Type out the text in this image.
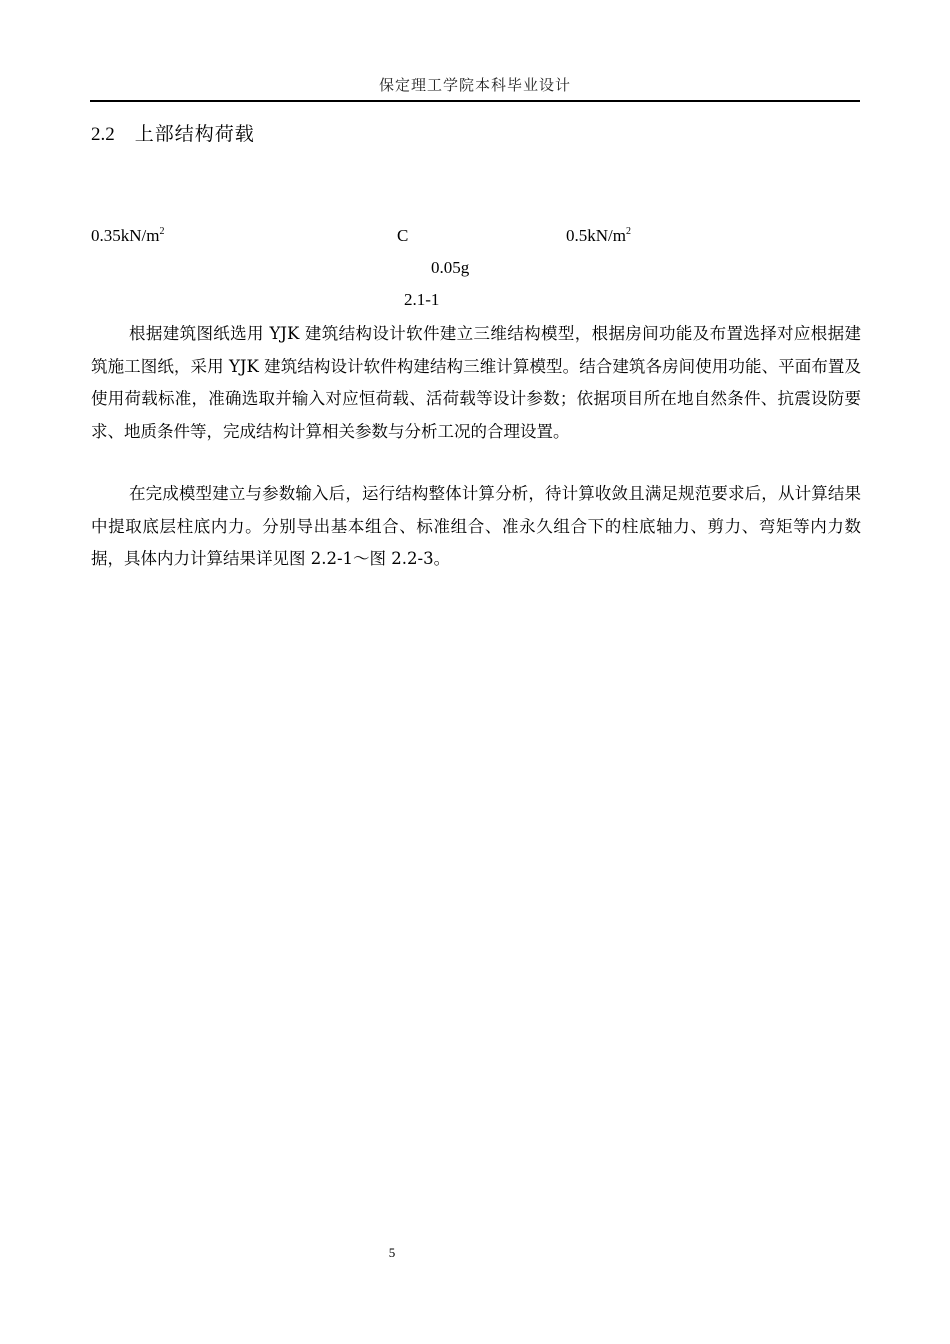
保定理工学院本科毕业设计
2.2 上部结构荷载
$0.35kN/m^2$	C	$0.5kN/m^2$
0.05g
2.1-1

根据建筑图纸选用 YJK 建筑结构设计软件建立三维结构模型，根据房间功能及布置选择对应根据建筑施工图纸，采用 YJK 建筑结构设计软件构建结构三维计算模型。结合建筑各房间使用功能、平面布置及使用荷载标准，准确选取并输入对应恒荷载、活荷载等设计参数；依据项目所在地自然条件、抗震设防要求、地质条件等，完成结构计算相关参数与分析工况的合理设置。

在完成模型建立与参数输入后，运行结构整体计算分析，待计算收敛且满足规范要求后，从计算结果中提取底层柱底内力。分别导出基本组合、标准组合、准永久组合下的柱底轴力、剪力、弯矩等内力数据，具体内力计算结果详见图 2.2-1～图 2.2-3。

5
